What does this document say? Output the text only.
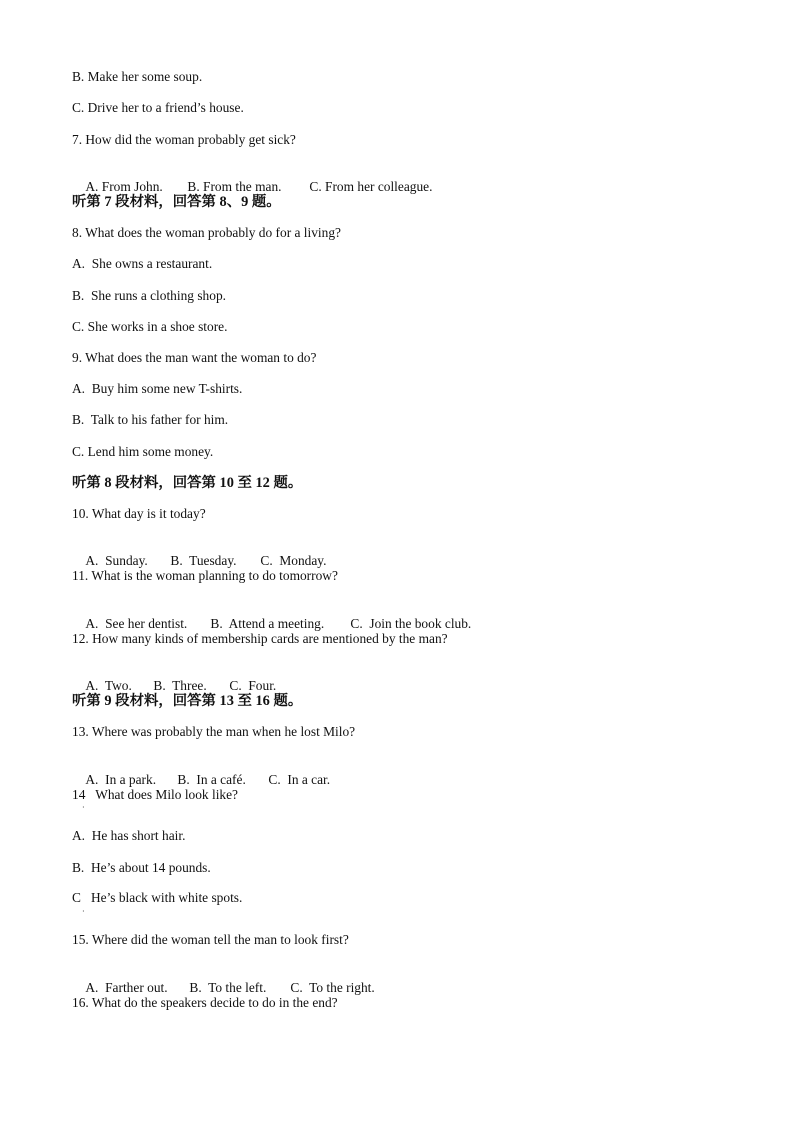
B. Make her some soup.
C. Drive her to a friend’s house.
7. How did the woman probably get sick?

A. From John. B. From the man. C. From her colleague.

听第 7 段材料，回答第 8、9 题。
8. What does the woman probably do for a living?
A.  She owns a restaurant.
B.  She runs a clothing shop.
C. She works in a shoe store.
9. What does the man want the woman to do?
A.  Buy him some new T-shirts.
B.  Talk to his father for him.
C. Lend him some money.
听第 8 段材料，回答第 10 至 12 题。
10. What day is it today?

A.  Sunday. B.  Tuesday. C.  Monday.

11. What is the woman planning to do tomorrow?

A.  See her dentist. B.  Attend a meeting. C.  Join the book club.

12. How many kinds of membership cards are mentioned by the man?

A.  Two. B.  Three. C.  Four.

听第 9 段材料，回答第 13 至 16 题。
13. Where was probably the man when he lost Milo?

A.  In a park. B.  In a café. C.  In a car.

14   What does Milo look like?
·
A.  He has short hair.
B.  He’s about 14 pounds.
C   He’s black with white spots.
·
15. Where did the woman tell the man to look first?

A.  Farther out. B.  To the left. C.  To the right.

16. What do the speakers decide to do in the end?
